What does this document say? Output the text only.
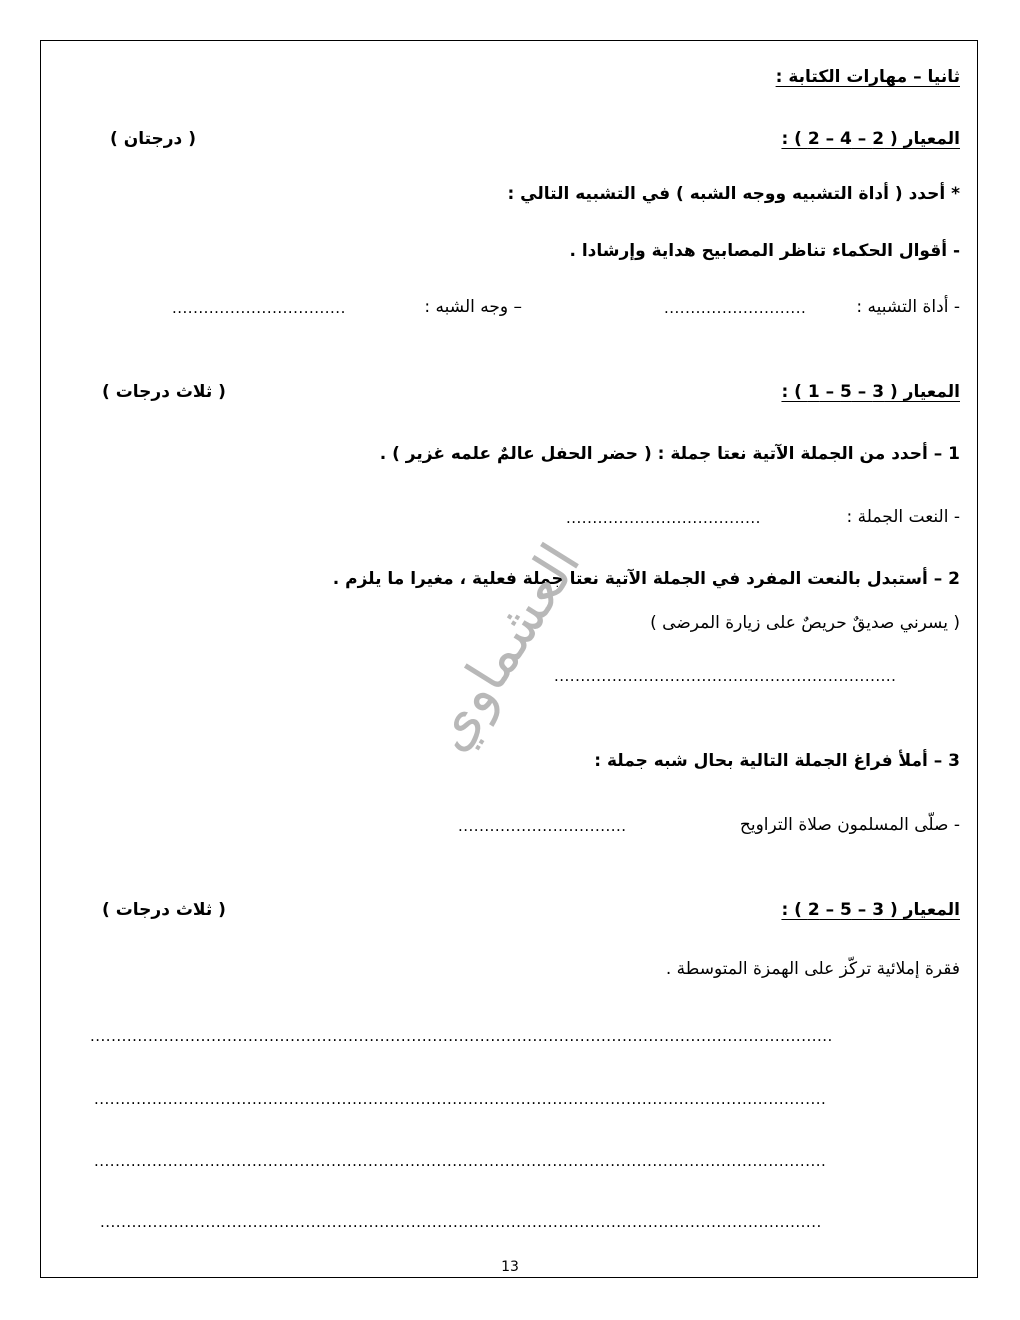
ثانيا – مهارات الكتابة :
المعيار ( 2 – 4 – 2 ) :
( درجتان )
* أحدد ( أداة التشبيه ووجه الشبه ) في التشبيه التالي :
- أقوال الحكماء تناظر المصابيح هداية وإرشادا .
- أداة التشبيه :
...........................
– وجه الشبه :
.................................
المعيار ( 3 – 5 – 1 ) :
( ثلاث درجات )
1 – أحدد من الجملة الآتية نعتا جملة : ( حضر الحفل عالمٌ علمه غزير ) .
- النعت الجملة :
.....................................
2 – أستبدل بالنعت المفرد في الجملة الآتية نعتا جملة فعلية ، مغيرا ما يلزم .
( يسرني صديقٌ حريصٌ على زيارة المرضى )
.................................................................
3 – أملأ فراغ الجملة التالية بحال شبه جملة :
- صلّى المسلمون صلاة التراويح
................................
المعيار ( 3 – 5 – 2 ) :
( ثلاث درجات )
فقرة إملائية تركّز على الهمزة المتوسطة .
.............................................................................................................................................
...........................................................................................................................................
...........................................................................................................................................
.........................................................................................................................................
العشماوي
13
